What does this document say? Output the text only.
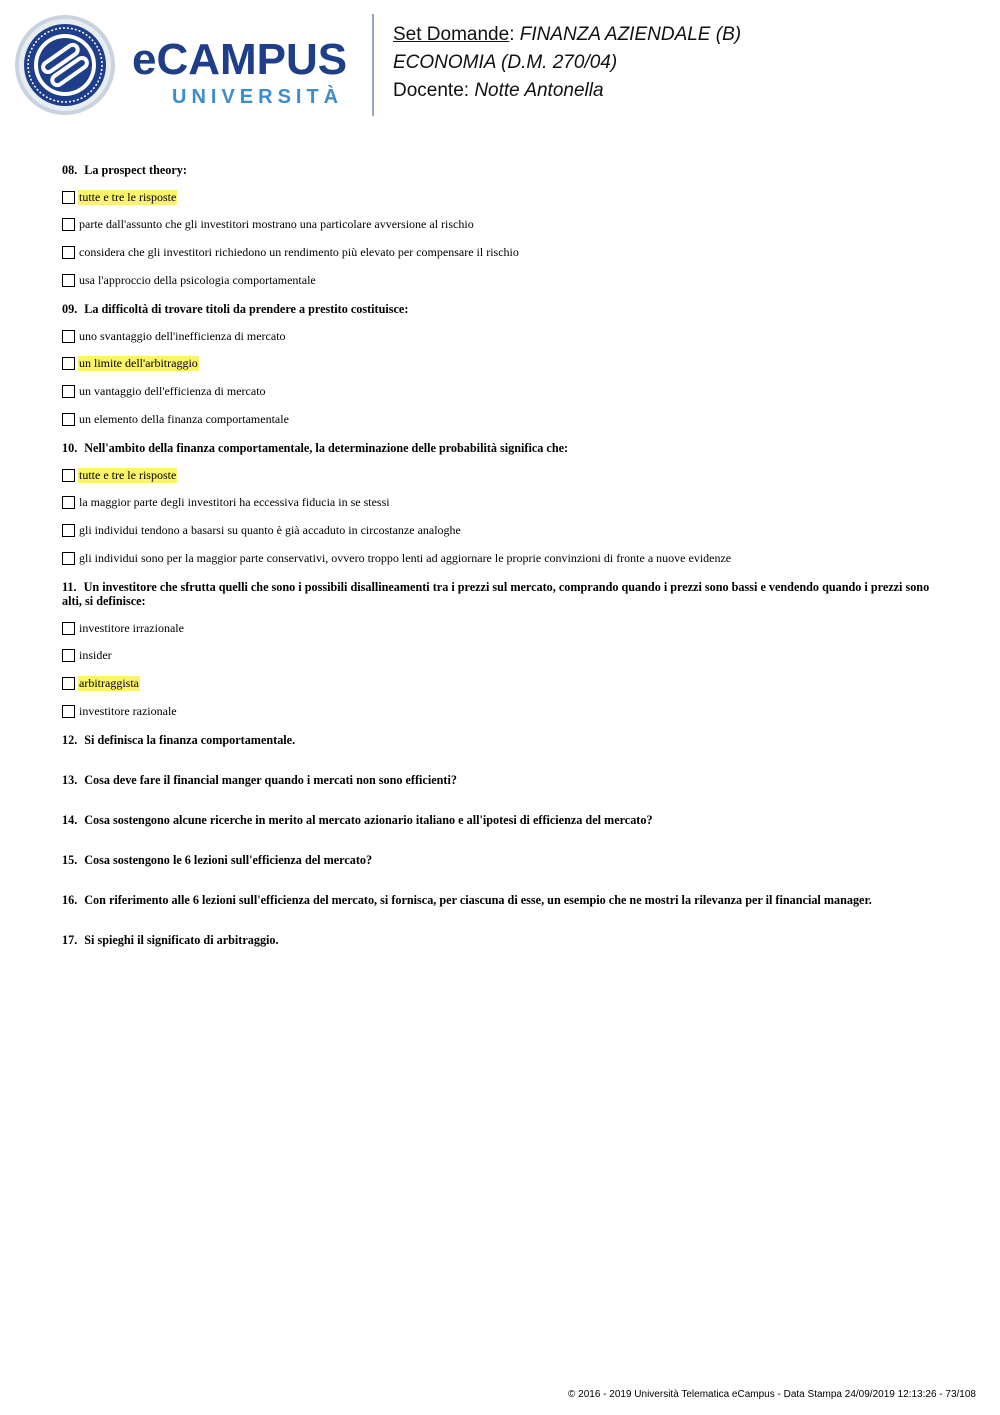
eCAMPUS
UNIVERSITÀ
Set Domande: FINANZA AZIENDALE (B)
ECONOMIA (D.M. 270/04)
Docente: Notte Antonella
08. La prospect theory:
tutte e tre le risposte
parte dall'assunto che gli investitori mostrano una particolare avversione al rischio
considera che gli investitori richiedono un rendimento più elevato per compensare il rischio
usa l'approccio della psicologia comportamentale
09. La difficoltà di trovare titoli da prendere a prestito costituisce:
uno svantaggio dell'inefficienza di mercato
un limite dell'arbitraggio
un vantaggio dell'efficienza di mercato
un elemento della finanza comportamentale
10. Nell'ambito della finanza comportamentale, la determinazione delle probabilità significa che:
tutte e tre le risposte
la maggior parte degli investitori ha eccessiva fiducia in se stessi
gli individui tendono a basarsi su quanto è già accaduto in circostanze analoghe
gli individui sono per la maggior parte conservativi, ovvero troppo lenti ad aggiornare le proprie convinzioni di fronte a nuove evidenze
11. Un investitore che sfrutta quelli che sono i possibili disallineamenti tra i prezzi sul mercato, comprando quando i prezzi sono bassi e vendendo quando i prezzi sono alti, si definisce:
investitore irrazionale
insider
arbitraggista
investitore razionale
12. Si definisca la finanza comportamentale.
13. Cosa deve fare il financial manger quando i mercati non sono efficienti?
14. Cosa sostengono alcune ricerche in merito al mercato azionario italiano e all'ipotesi di efficienza del mercato?
15. Cosa sostengono le 6 lezioni sull'efficienza del mercato?
16. Con riferimento alle 6 lezioni sull'efficienza del mercato, si fornisca, per ciascuna di esse, un esempio che ne mostri la rilevanza per il financial manager.
17. Si spieghi il significato di arbitraggio.
© 2016 - 2019 Università Telematica eCampus - Data Stampa 24/09/2019 12:13:26 - 73/108
